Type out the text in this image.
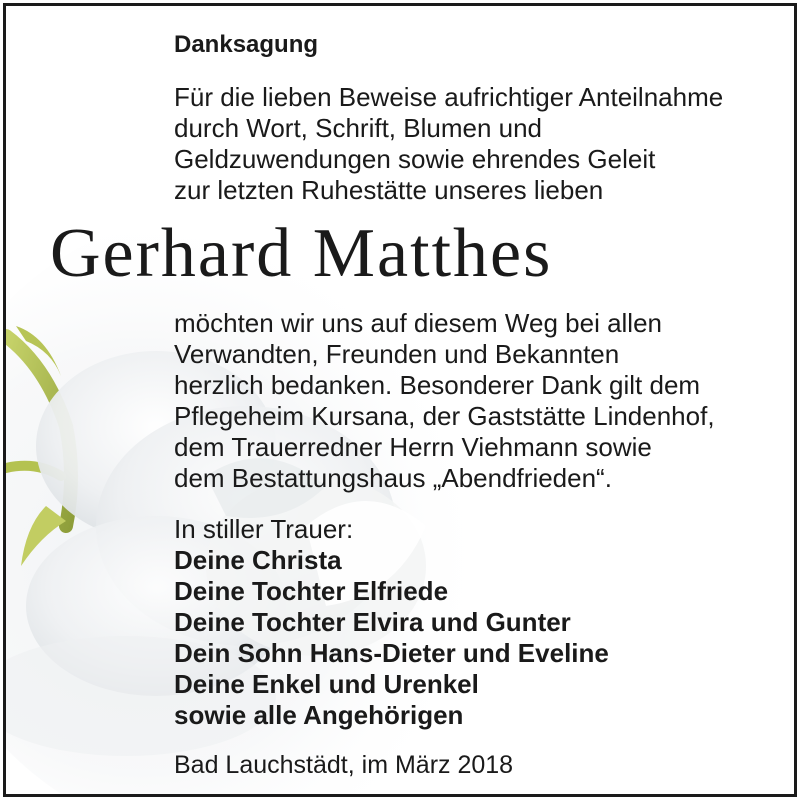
Danksagung
Für die lieben Beweise aufrichtiger Anteilnahme
durch Wort, Schrift, Blumen und
Geldzuwendungen sowie ehrendes Geleit
zur letzten Ruhestätte unseres lieben
Gerhard Matthes
möchten wir uns auf diesem Weg bei allen
Verwandten, Freunden und Bekannten
herzlich bedanken. Besonderer Dank gilt dem
Pflegeheim Kursana, der Gaststätte Lindenhof,
dem Trauerredner Herrn Viehmann sowie
dem Bestattungshaus „Abendfrieden“.
In stiller Trauer:
Deine Christa
Deine Tochter Elfriede
Deine Tochter Elvira und Gunter
Dein Sohn Hans-Dieter und Eveline
Deine Enkel und Urenkel
sowie alle Angehörigen
Bad Lauchstädt, im März 2018
